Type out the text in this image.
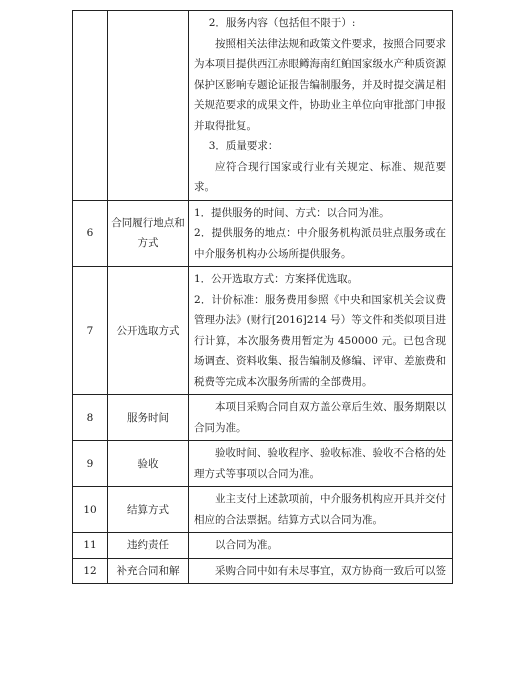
		2．服务内容（包括但不限于）:

按照相关法律法规和政策文件要求，按照合同要求为本项目提供西江赤眼鳟海南红鲌国家级水产种质资源保护区影响专题论证报告编制服务，并及时提交满足相关规范要求的成果文件，协助业主单位向审批部门申报并取得批复。

3．质量要求：

应符合现行国家或行业有关规定、标准、规范要求。

6	合同履行地点和方式	1．提供服务的时间、方式：以合同为准。

2．提供服务的地点：中介服务机构派员驻点服务或在中介服务机构办公场所提供服务。

7	公开选取方式	1．公开选取方式：方案择优选取。

2．计价标准：服务费用参照《中央和国家机关会议费管理办法》(财行[2016]214 号）等文件和类似项目进行计算，本次服务费用暂定为 450000 元。已包含现场调查、资料收集、报告编制及修编、评审、差旅费和税费等完成本次服务所需的全部费用。

8	服务时间	本项目采购合同自双方盖公章后生效、服务期限以合同为准。

9	验收	验收时间、验收程序、验收标准、验收不合格的处理方式等事项以合同为准。

10	结算方式	业主支付上述款项前，中介服务机构应开具并交付相应的合法票据。结算方式以合同为准。

11	违约责任	以合同为准。

12	补充合同和解	采购合同中如有未尽事宜，双方协商一致后可以签
